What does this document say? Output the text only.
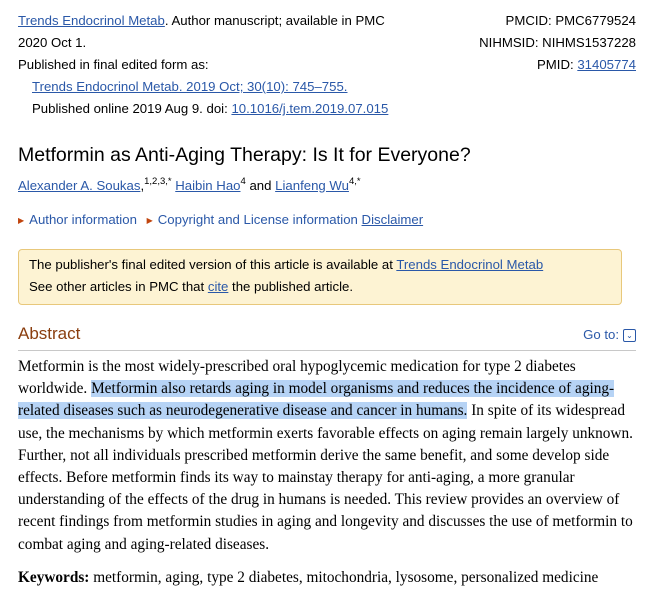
Trends Endocrinol Metab. Author manuscript; available in PMC
2020 Oct 1.
Published in final edited form as:
Trends Endocrinol Metab. 2019 Oct; 30(10): 745–755.
Published online 2019 Aug 9. doi: 10.1016/j.tem.2019.07.015
PMCID: PMC6779524
NIHMSID: NIHMS1537228
PMID: 31405774
Metformin as Anti-Aging Therapy: Is It for Everyone?
Alexander A. Soukas,$^{1,2,3,*}$ Haibin Hao$^4$ and Lianfeng $Wu^{4,*}$
▶ Author information ▶ Copyright and License information Disclaimer
The publisher's final edited version of this article is available at Trends Endocrinol Metab
See other articles in PMC that cite the published article.
Abstract	Go to: ⌄

Metformin is the most widely-prescribed oral hypoglycemic medication for type 2 diabetes worldwide. Metformin also retards aging in model organisms and reduces the incidence of aging-related diseases such as neurodegenerative disease and cancer in humans. In spite of its widespread use, the mechanisms by which metformin exerts favorable effects on aging remain largely unknown. Further, not all individuals prescribed metformin derive the same benefit, and some develop side effects. Before metformin finds its way to mainstay therapy for anti-aging, a more granular understanding of the effects of the drug in humans is needed. This review provides an overview of recent findings from metformin studies in aging and longevity and discusses the use of metformin to combat aging and aging-related diseases.

Keywords: metformin, aging, type 2 diabetes, mitochondria, lysosome, personalized medicine
